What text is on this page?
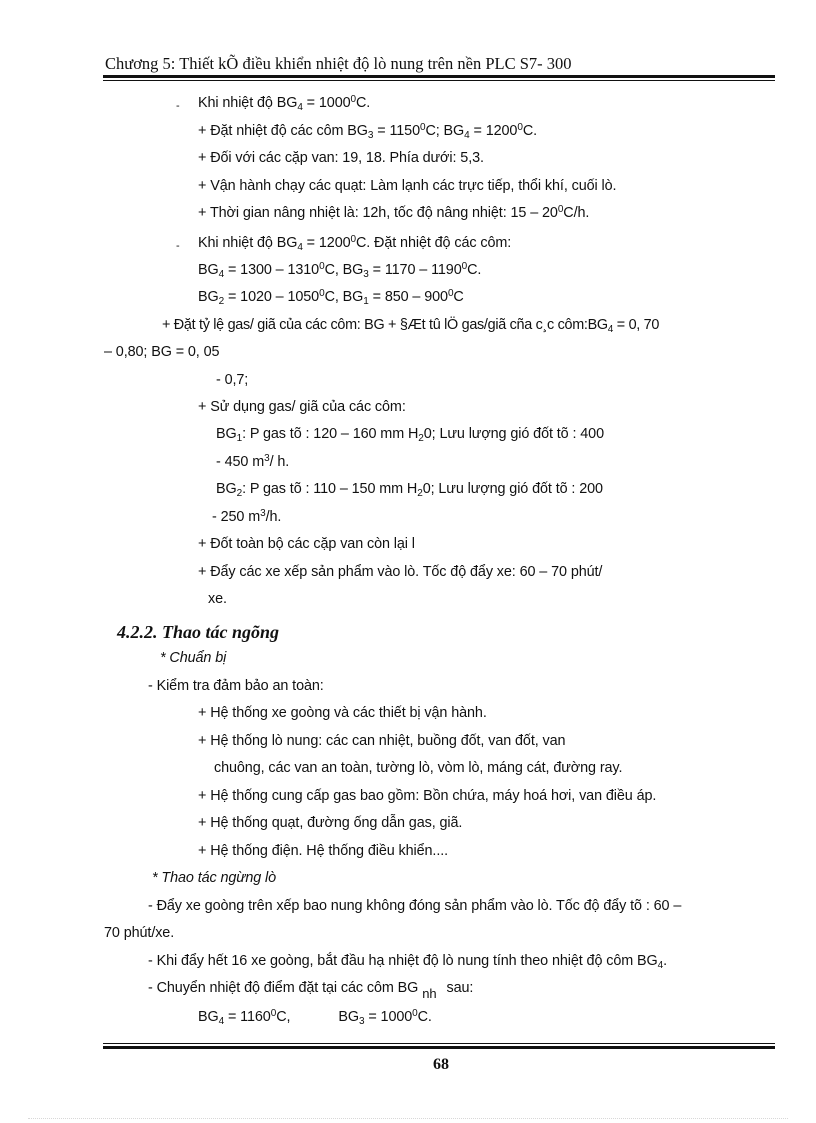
Chương 5: Thiết kÕ điều khiển nhiệt độ lò nung trên nền PLC S7- 300
- Khi nhiệt độ $BG_4 = 1000^0C$.
+ Đặt nhiệt độ các côm $BG_3 = 1150^0C$; $BG_4 = 1200^0C$.
+ Đối với các cặp van: 19, 18. Phía dưới: 5,3.
+ Vận hành chạy các quạt: Làm lạnh các trực tiếp, thổi khí, cuối lò.
+ Thời gian nâng nhiệt là: 12h, tốc độ nâng nhiệt: $15 - 20^0C/h$.
- Khi nhiệt độ $BG_4 = 1200^0C$. Đặt nhiệt độ các côm:
$BG_4 = 1300 - 1310^0C$, $BG_3 = 1170 - 1190^0C$.
$BG_2 = 1020 - 1050^0C$, $BG_1 = 850 - 900^0C$
+ Đặt tỷ lệ gas/ giã của các côm: BG + §Æt tû lÖ gas/giã cña c¸c $côm:BG_4 = 0$, 70
– 0,80; BG = 0, 05
- 0,7;
+ Sử dụng gas/ giã của các côm:
$BG_1$: P gas tõ : 120 – 160 mm $H_20$; Lưu lượng gió đốt tõ : 400
- 450 $m^3/$ h.
$BG_2$: P gas tõ : 110 – 150 mm $H_20$; Lưu lượng gió đốt tõ : 200
- 250 $m^3/h$.
+ Đốt toàn bộ các cặp van còn lại l
+ Đẩy các xe xếp sản phẩm vào lò. Tốc độ đẩy xe: 60 – 70 phút/
xe.
4.2.2. Thao tác ngõng
* Chuẩn bị
- Kiểm tra đảm bảo an toàn:
+ Hệ thống xe goòng và các thiết bị vận hành.
+ Hệ thống lò nung: các can nhiệt, buồng đốt, van đốt, van
chuông, các van an toàn, tường lò, vòm lò, máng cát, đường ray.
+ Hệ thống cung cấp gas bao gồm: Bồn chứa, máy hoá hơi, van điều áp.
+ Hệ thống quạt, đường ống dẫn gas, giã.
+ Hệ thống điện. Hệ thống điều khiển....
* Thao tác ngừng lò
- Đẩy xe goòng trên xếp bao nung không đóng sản phẩm vào lò. Tốc độ đẩy tõ : 60 –
70 phút/xe.
- Khi đẩy hết 16 xe goòng, bắt đầu hạ nhiệt độ lò nung tính theo nhiệt độ côm $BG_4$.
- Chuyển nhiệt độ điểm đặt tại các côm BG $_{nh}$ sau:
$BG_4 = 1160^0C$,	$BG_3 = 1000^0C$.
68
